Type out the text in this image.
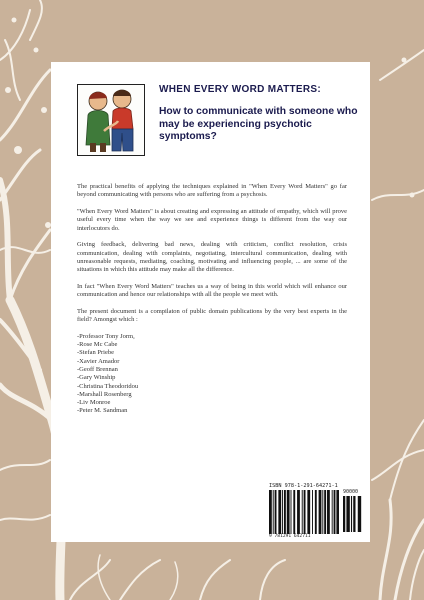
WHEN EVERY WORD MATTERS:
How to communicate with someone who may be experiencing psychotic symptoms?

The practical benefits of applying the techniques explained in "When Every Word Matters" go far beyond communicating with persons who are suffering from a psychosis.

"When Every Word Matters" is about creating and expressing an attitude of empathy, which will prove useful every time when the way we see and experience things is different from the way our interlocutors do.

Giving feedback, delivering bad news, dealing with criticism, conflict resolution, crisis communication, dealing with complaints, negotiating, intercultural communication, dealing with unreasonable requests, mediating, coaching, motivating and influencing people, ... are some of the situations in which this attitude may make all the difference.

In fact "When Every Word Matters" teaches us a way of being in this world which will enhance our communication and hence our relationships with all the people we meet with.

The present document is a compilaton of public domain publications by the very best experts in the field? Amongst which :

-Professor Tony Jorm,
-Rose Mc Cabe
-Stefan Priebe
-Xavier Amador
-Geoff Brennan
-Gary Winship
-Christina Theodoridou
-Marshall Rosenberg
-Liv Monroe
-Peter M. Sandman
ISBN 978-1-291-64271-1
90000
9 781291 642711
